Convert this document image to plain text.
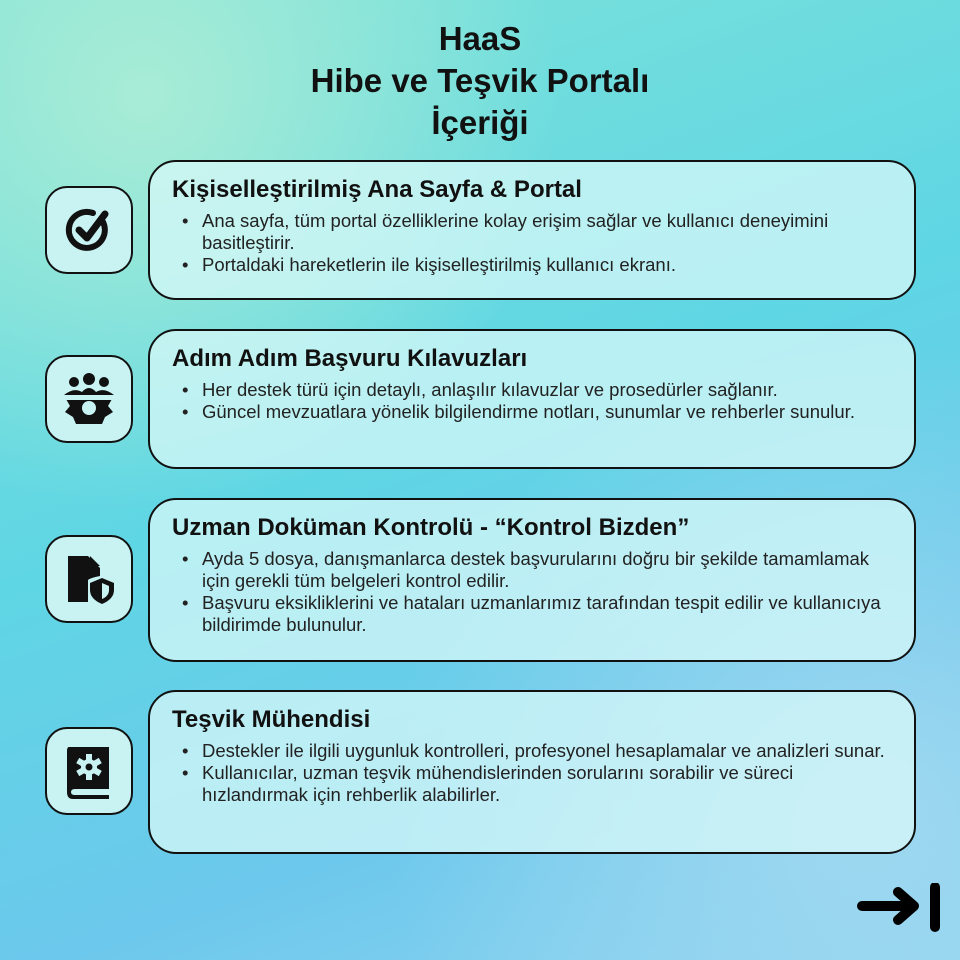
HaaS
Hibe ve Teşvik Portalı
İçeriği
Kişiselleştirilmiş Ana Sayfa & Portal
• Ana sayfa, tüm portal özelliklerine kolay erişim sağlar ve kullanıcı deneyimini basitleştirir.
• Portaldaki hareketlerin ile kişiselleştirilmiş kullanıcı ekranı.
Adım Adım Başvuru Kılavuzları
• Her destek türü için detaylı, anlaşılır kılavuzlar ve prosedürler sağlanır.
• Güncel mevzuatlara yönelik bilgilendirme notları, sunumlar ve rehberler sunulur.
Uzman Doküman Kontrolü - “Kontrol Bizden”
• Ayda 5 dosya, danışmanlarca destek başvurularını doğru bir şekilde tamamlamak için gerekli tüm belgeleri kontrol edilir.
• Başvuru eksikliklerini ve hataları uzmanlarımız tarafından tespit edilir ve kullanıcıya bildirimde bulunulur.
Teşvik Mühendisi
• Destekler ile ilgili uygunluk kontrolleri, profesyonel hesaplamalar ve analizleri sunar.
• Kullanıcılar, uzman teşvik mühendislerinden sorularını sorabilir ve süreci hızlandırmak için rehberlik alabilirler.
